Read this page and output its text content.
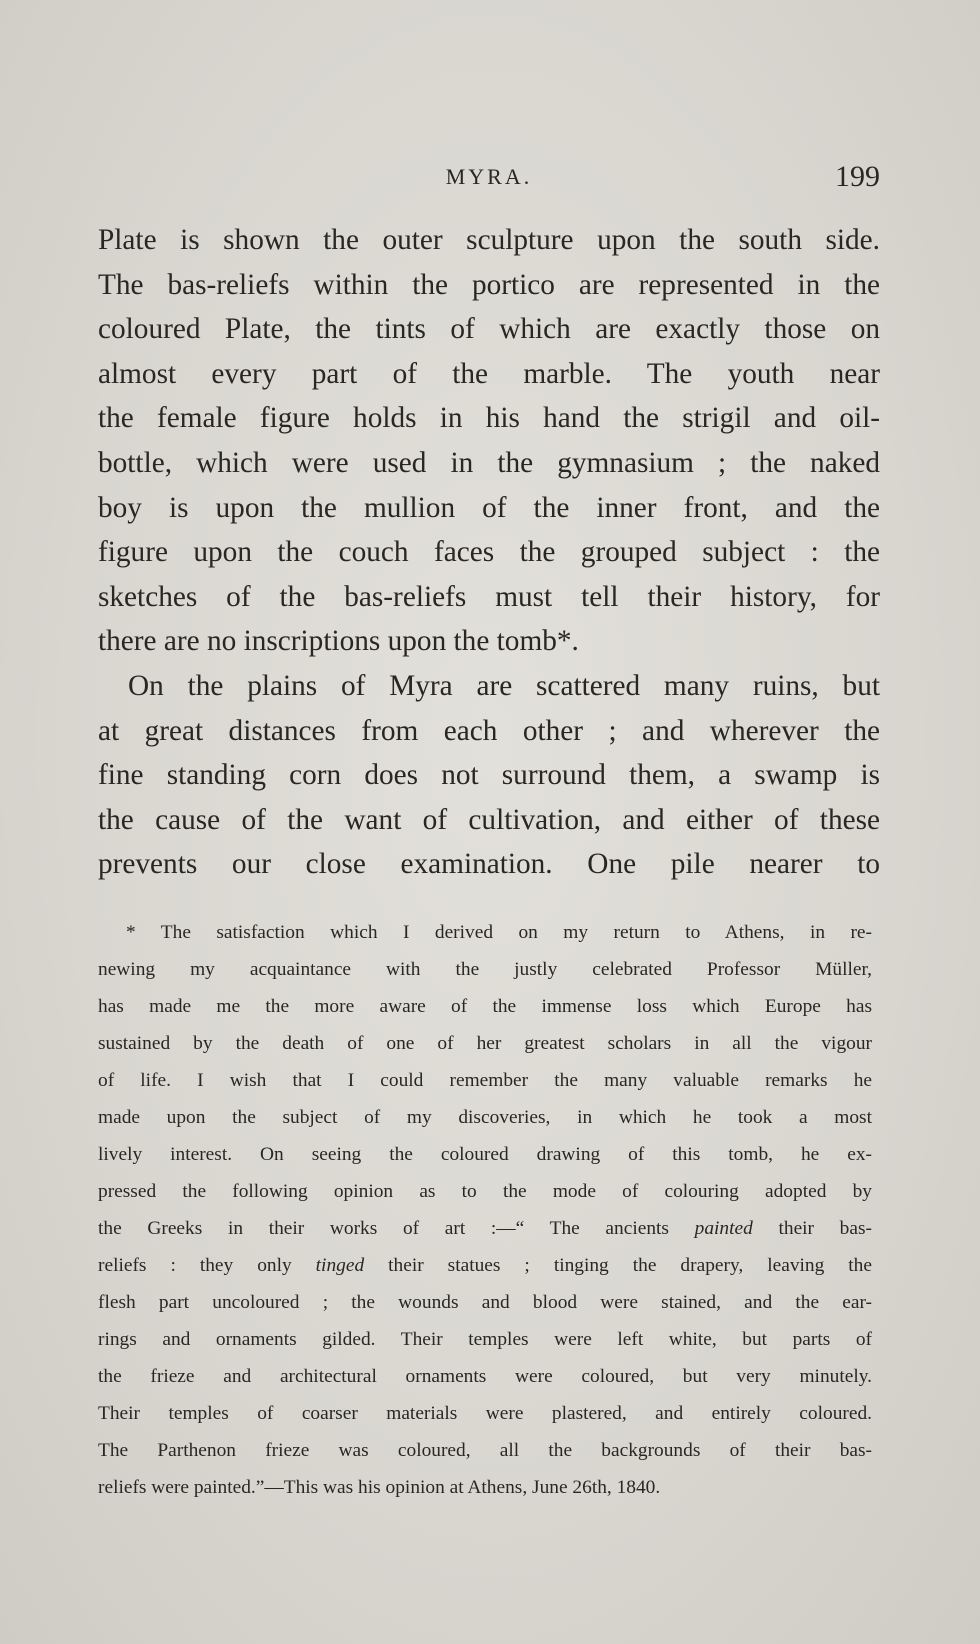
MYRA.	199
Plate is shown the outer sculpture upon the south side.
The bas-reliefs within the portico are represented in the
coloured Plate, the tints of which are exactly those on
almost every part of the marble. The youth near
the female figure holds in his hand the strigil and oil-
bottle, which were used in the gymnasium ; the naked
boy is upon the mullion of the inner front, and the
figure upon the couch faces the grouped subject : the
sketches of the bas-reliefs must tell their history, for
there are no inscriptions upon the tomb*.
On the plains of Myra are scattered many ruins, but
at great distances from each other ; and wherever the
fine standing corn does not surround them, a swamp is
the cause of the want of cultivation, and either of these
prevents our close examination. One pile nearer to
* The satisfaction which I derived on my return to Athens, in re-
newing my acquaintance with the justly celebrated Professor Müller,
has made me the more aware of the immense loss which Europe has
sustained by the death of one of her greatest scholars in all the vigour
of life. I wish that I could remember the many valuable remarks he
made upon the subject of my discoveries, in which he took a most
lively interest. On seeing the coloured drawing of this tomb, he ex-
pressed the following opinion as to the mode of colouring adopted by
the Greeks in their works of art :—“ The ancients painted their bas-
reliefs : they only tinged their statues ; tinging the drapery, leaving the
flesh part uncoloured ; the wounds and blood were stained, and the ear-
rings and ornaments gilded. Their temples were left white, but parts of
the frieze and architectural ornaments were coloured, but very minutely.
Their temples of coarser materials were plastered, and entirely coloured.
The Parthenon frieze was coloured, all the backgrounds of their bas-
reliefs were painted.”—This was his opinion at Athens, June 26th, 1840.
